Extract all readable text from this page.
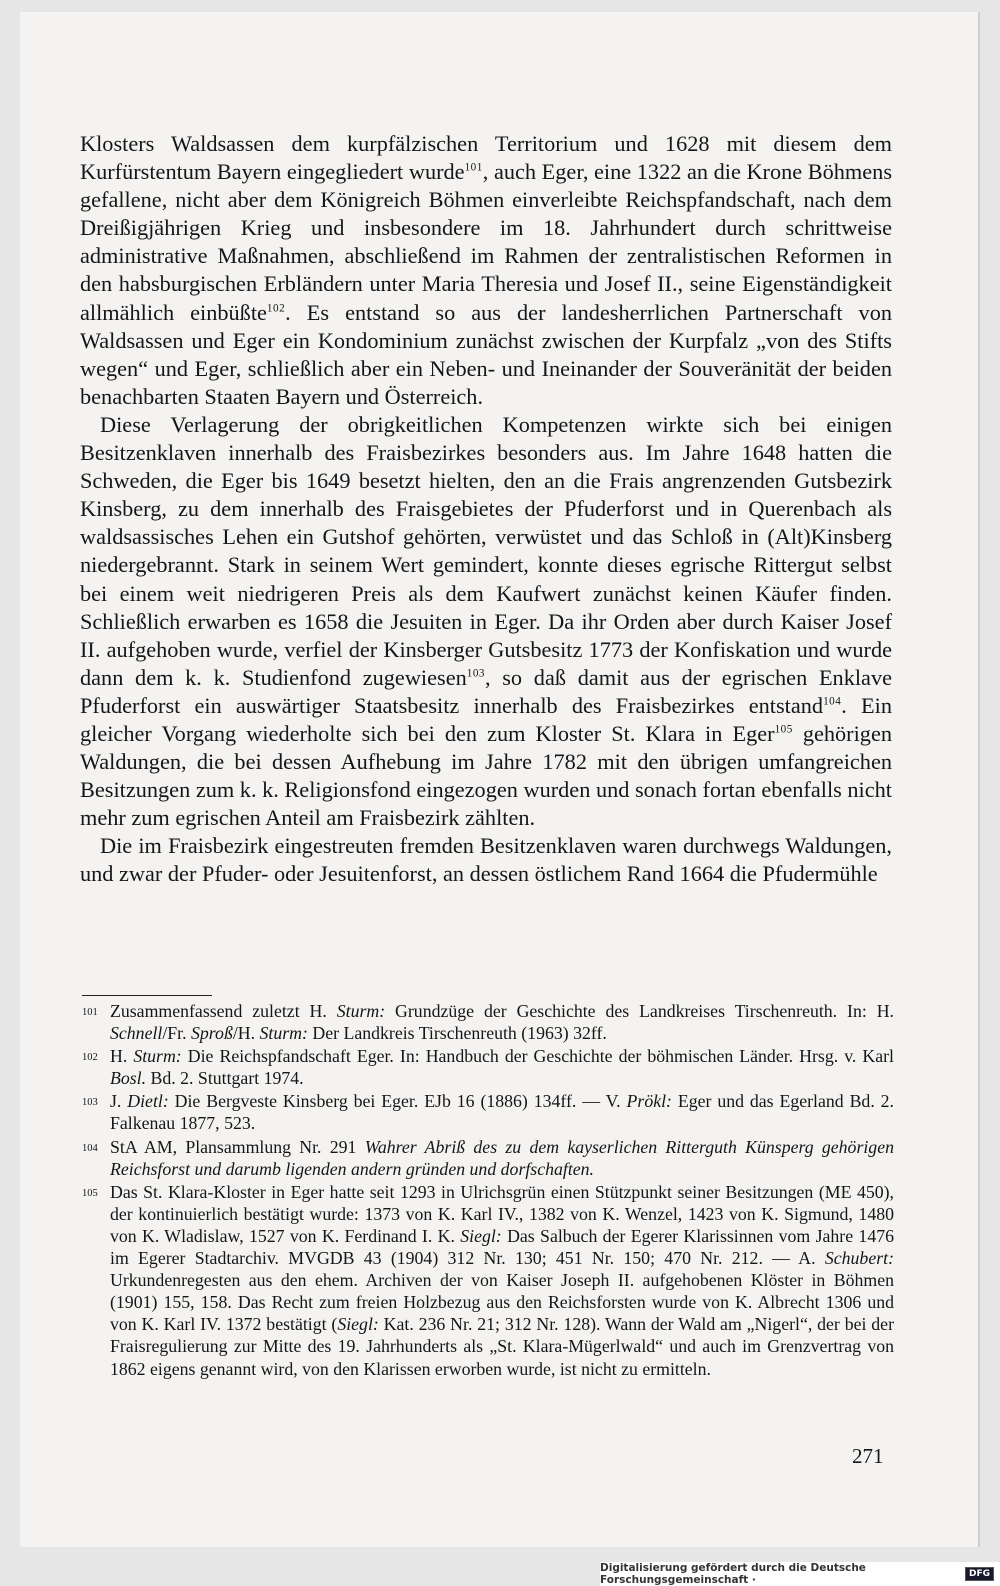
Klosters Waldsassen dem kurpfälzischen Territorium und 1628 mit diesem dem Kurfürstentum Bayern eingegliedert wurde$^{101}$, auch Eger, eine 1322 an die Krone Böhmens gefallene, nicht aber dem Königreich Böhmen einverleibte Reichspfandschaft, nach dem Dreißigjährigen Krieg und insbesondere im 18. Jahrhundert durch schrittweise administrative Maßnahmen, abschließend im Rahmen der zentralistischen Reformen in den habsburgischen Erbländern unter Maria Theresia und Josef II., seine Eigenständigkeit allmählich einbüßte$^{102}$. Es entstand so aus der landesherrlichen Partnerschaft von Waldsassen und Eger ein Kondominium zunächst zwischen der Kurpfalz „von des Stifts wegen“ und Eger, schließlich aber ein Neben- und Ineinander der Souveränität der beiden benachbarten Staaten Bayern und Österreich.

Diese Verlagerung der obrigkeitlichen Kompetenzen wirkte sich bei einigen Besitzenklaven innerhalb des Fraisbezirkes besonders aus. Im Jahre 1648 hatten die Schweden, die Eger bis 1649 besetzt hielten, den an die Frais angrenzenden Gutsbezirk Kinsberg, zu dem innerhalb des Fraisgebietes der Pfuderforst und in Querenbach als waldsassisches Lehen ein Gutshof gehörten, verwüstet und das Schloß in (Alt)Kinsberg niedergebrannt. Stark in seinem Wert gemindert, konnte dieses egrische Rittergut selbst bei einem weit niedrigeren Preis als dem Kaufwert zunächst keinen Käufer finden. Schließlich erwarben es 1658 die Jesuiten in Eger. Da ihr Orden aber durch Kaiser Josef II. aufgehoben wurde, verfiel der Kinsberger Gutsbesitz 1773 der Konfiskation und wurde dann dem k. k. Studienfond zugewiesen$^{103}$, so daß damit aus der egrischen Enklave Pfuderforst ein auswärtiger Staatsbesitz innerhalb des Fraisbezirkes entstand$^{104}$. Ein gleicher Vorgang wiederholte sich bei den zum Kloster St. Klara in Eger$^{105}$ gehörigen Waldungen, die bei dessen Aufhebung im Jahre 1782 mit den übrigen umfangreichen Besitzungen zum k. k. Religionsfond eingezogen wurden und sonach fortan ebenfalls nicht mehr zum egrischen Anteil am Fraisbezirk zählten.

Die im Fraisbezirk eingestreuten fremden Besitzenklaven waren durchwegs Waldungen, und zwar der Pfuder- oder Jesuitenforst, an dessen östlichem Rand 1664 die Pfudermühle

101 Zusammenfassend zuletzt H. Sturm: Grundzüge der Geschichte des Landkreises Tirschenreuth. In: H. Schnell/Fr. Sproß/H. Sturm: Der Landkreis Tirschenreuth (1963) 32ff.
102 H. Sturm: Die Reichspfandschaft Eger. In: Handbuch der Geschichte der böhmischen Länder. Hrsg. v. Karl Bosl. Bd. 2. Stuttgart 1974.
103 J. Dietl: Die Bergveste Kinsberg bei Eger. EJb 16 (1886) 134ff. — V. Prökl: Eger und das Egerland Bd. 2. Falkenau 1877, 523.
104 StA AM, Plansammlung Nr. 291 Wahrer Abriß des zu dem kayserlichen Ritterguth Künsperg gehörigen Reichsforst und darumb ligenden andern gründen und dorfschaften.
105 Das St. Klara-Kloster in Eger hatte seit 1293 in Ulrichsgrün einen Stützpunkt seiner Besitzungen (ME 450), der kontinuierlich bestätigt wurde: 1373 von K. Karl IV., 1382 von K. Wenzel, 1423 von K. Sigmund, 1480 von K. Wladislaw, 1527 von K. Ferdinand I. K. Siegl: Das Salbuch der Egerer Klarissinnen vom Jahre 1476 im Egerer Stadtarchiv. MVGDB 43 (1904) 312 Nr. 130; 451 Nr. 150; 470 Nr. 212. — A. Schubert: Urkundenregesten aus den ehem. Archiven der von Kaiser Joseph II. aufgehobenen Klöster in Böhmen (1901) 155, 158. Das Recht zum freien Holzbezug aus den Reichsforsten wurde von K. Albrecht 1306 und von K. Karl IV. 1372 bestätigt (Siegl: Kat. 236 Nr. 21; 312 Nr. 128). Wann der Wald am „Nigerl“, der bei der Fraisregulierung zur Mitte des 19. Jahrhunderts als „St. Klara-Mügerlwald“ und auch im Grenzvertrag von 1862 eigens genannt wird, von den Klarissen erworben wurde, ist nicht zu ermitteln.
271
Digitalisierung gefördert durch die Deutsche Forschungsgemeinschaft ·	DFG
